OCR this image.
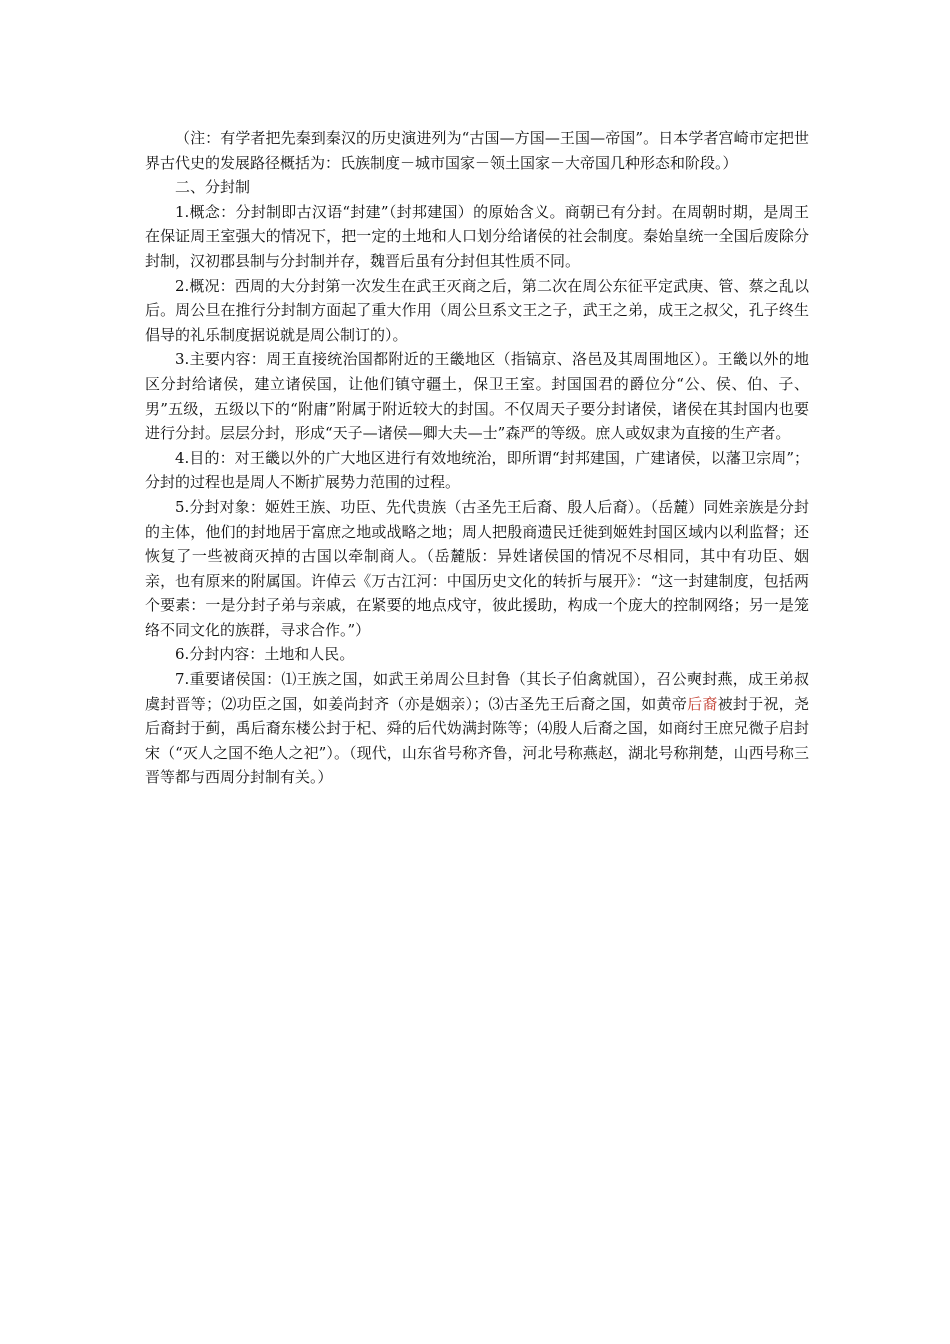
（注：有学者把先秦到秦汉的历史演进列为“古国—方国—王国—帝国”。日本学者宫崎市定把世界古代史的发展路径概括为：氏族制度－城市国家－领土国家－大帝国几种形态和阶段。）

二、分封制

1.概念：分封制即古汉语“封建”（封邦建国）的原始含义。商朝已有分封。在周朝时期，是周王在保证周王室强大的情况下，把一定的土地和人口划分给诸侯的社会制度。秦始皇统一全国后废除分封制，汉初郡县制与分封制并存，魏晋后虽有分封但其性质不同。

2.概况：西周的大分封第一次发生在武王灭商之后，第二次在周公东征平定武庚、管、蔡之乱以后。周公旦在推行分封制方面起了重大作用（周公旦系文王之子，武王之弟，成王之叔父，孔子终生倡导的礼乐制度据说就是周公制订的）。

3.主要内容：周王直接统治国都附近的王畿地区（指镐京、洛邑及其周围地区）。王畿以外的地区分封给诸侯，建立诸侯国，让他们镇守疆土，保卫王室。封国国君的爵位分“公、侯、伯、子、男”五级，五级以下的“附庸”附属于附近较大的封国。不仅周天子要分封诸侯，诸侯在其封国内也要进行分封。层层分封，形成“天子—诸侯—卿大夫—士”森严的等级。庶人或奴隶为直接的生产者。

4.目的：对王畿以外的广大地区进行有效地统治，即所谓“封邦建国，广建诸侯，以藩卫宗周”；分封的过程也是周人不断扩展势力范围的过程。

5.分封对象：姬姓王族、功臣、先代贵族（古圣先王后裔、殷人后裔）。（岳麓）同姓亲族是分封的主体，他们的封地居于富庶之地或战略之地；周人把殷商遗民迁徙到姬姓封国区域内以利监督；还恢复了一些被商灭掉的古国以牵制商人。（岳麓版：异姓诸侯国的情况不尽相同，其中有功臣、姻亲，也有原来的附属国。许倬云《万古江河：中国历史文化的转折与展开》：“这一封建制度，包括两个要素：一是分封子弟与亲戚，在紧要的地点戍守，彼此援助，构成一个庞大的控制网络；另一是笼络不同文化的族群，寻求合作。”）

6.分封内容：土地和人民。

7.重要诸侯国：⑴王族之国，如武王弟周公旦封鲁（其长子伯禽就国），召公奭封燕，成王弟叔虞封晋等；⑵功臣之国，如姜尚封齐（亦是姻亲）；⑶古圣先王后裔之国，如黄帝后裔被封于祝，尧后裔封于蓟，禹后裔东楼公封于杞、舜的后代妫满封陈等；⑷殷人后裔之国，如商纣王庶兄微子启封宋（“灭人之国不绝人之祀”）。（现代，山东省号称齐鲁，河北号称燕赵，湖北号称荆楚，山西号称三晋等都与西周分封制有关。）
